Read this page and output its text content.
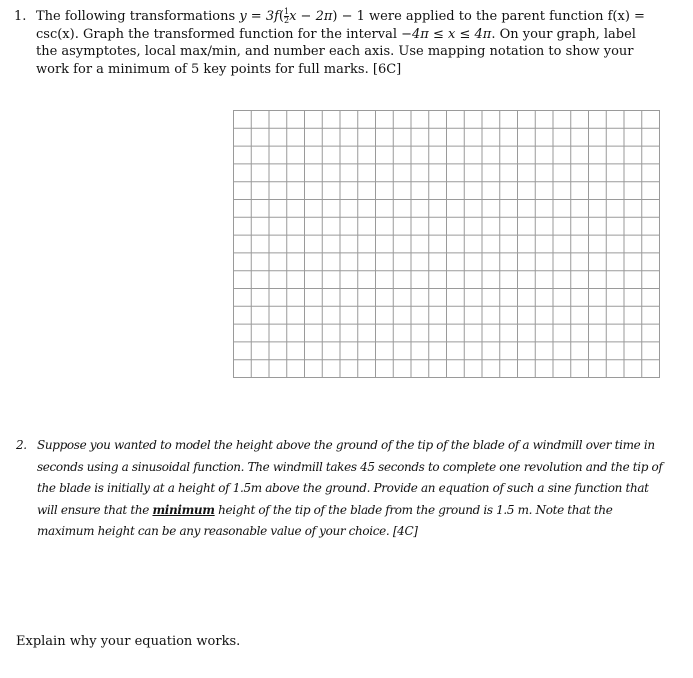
1. The following transformations $y = 3f( \frac{1}{2}$ x − 2π) − 1 were applied to the parent function f(x) = csc(x). Graph the transformed function for the interval −4π ≤ x ≤ 4π. On your graph, label the asymptotes, local max/min, and number each axis. Use mapping notation to show your work for a minimum of 5 key points for full marks. [6C]
2. Suppose you wanted to model the height above the ground of the tip of the blade of a windmill over time in seconds using a sinusoidal function. The windmill takes 45 seconds to complete one revolution and the tip of the blade is initially at a height of 1.5m above the ground. Provide an equation of such a sine function that will ensure that the minimum height of the tip of the blade from the ground is 1.5 m. Note that the maximum height can be any reasonable value of your choice. [4C]
Explain why your equation works.
